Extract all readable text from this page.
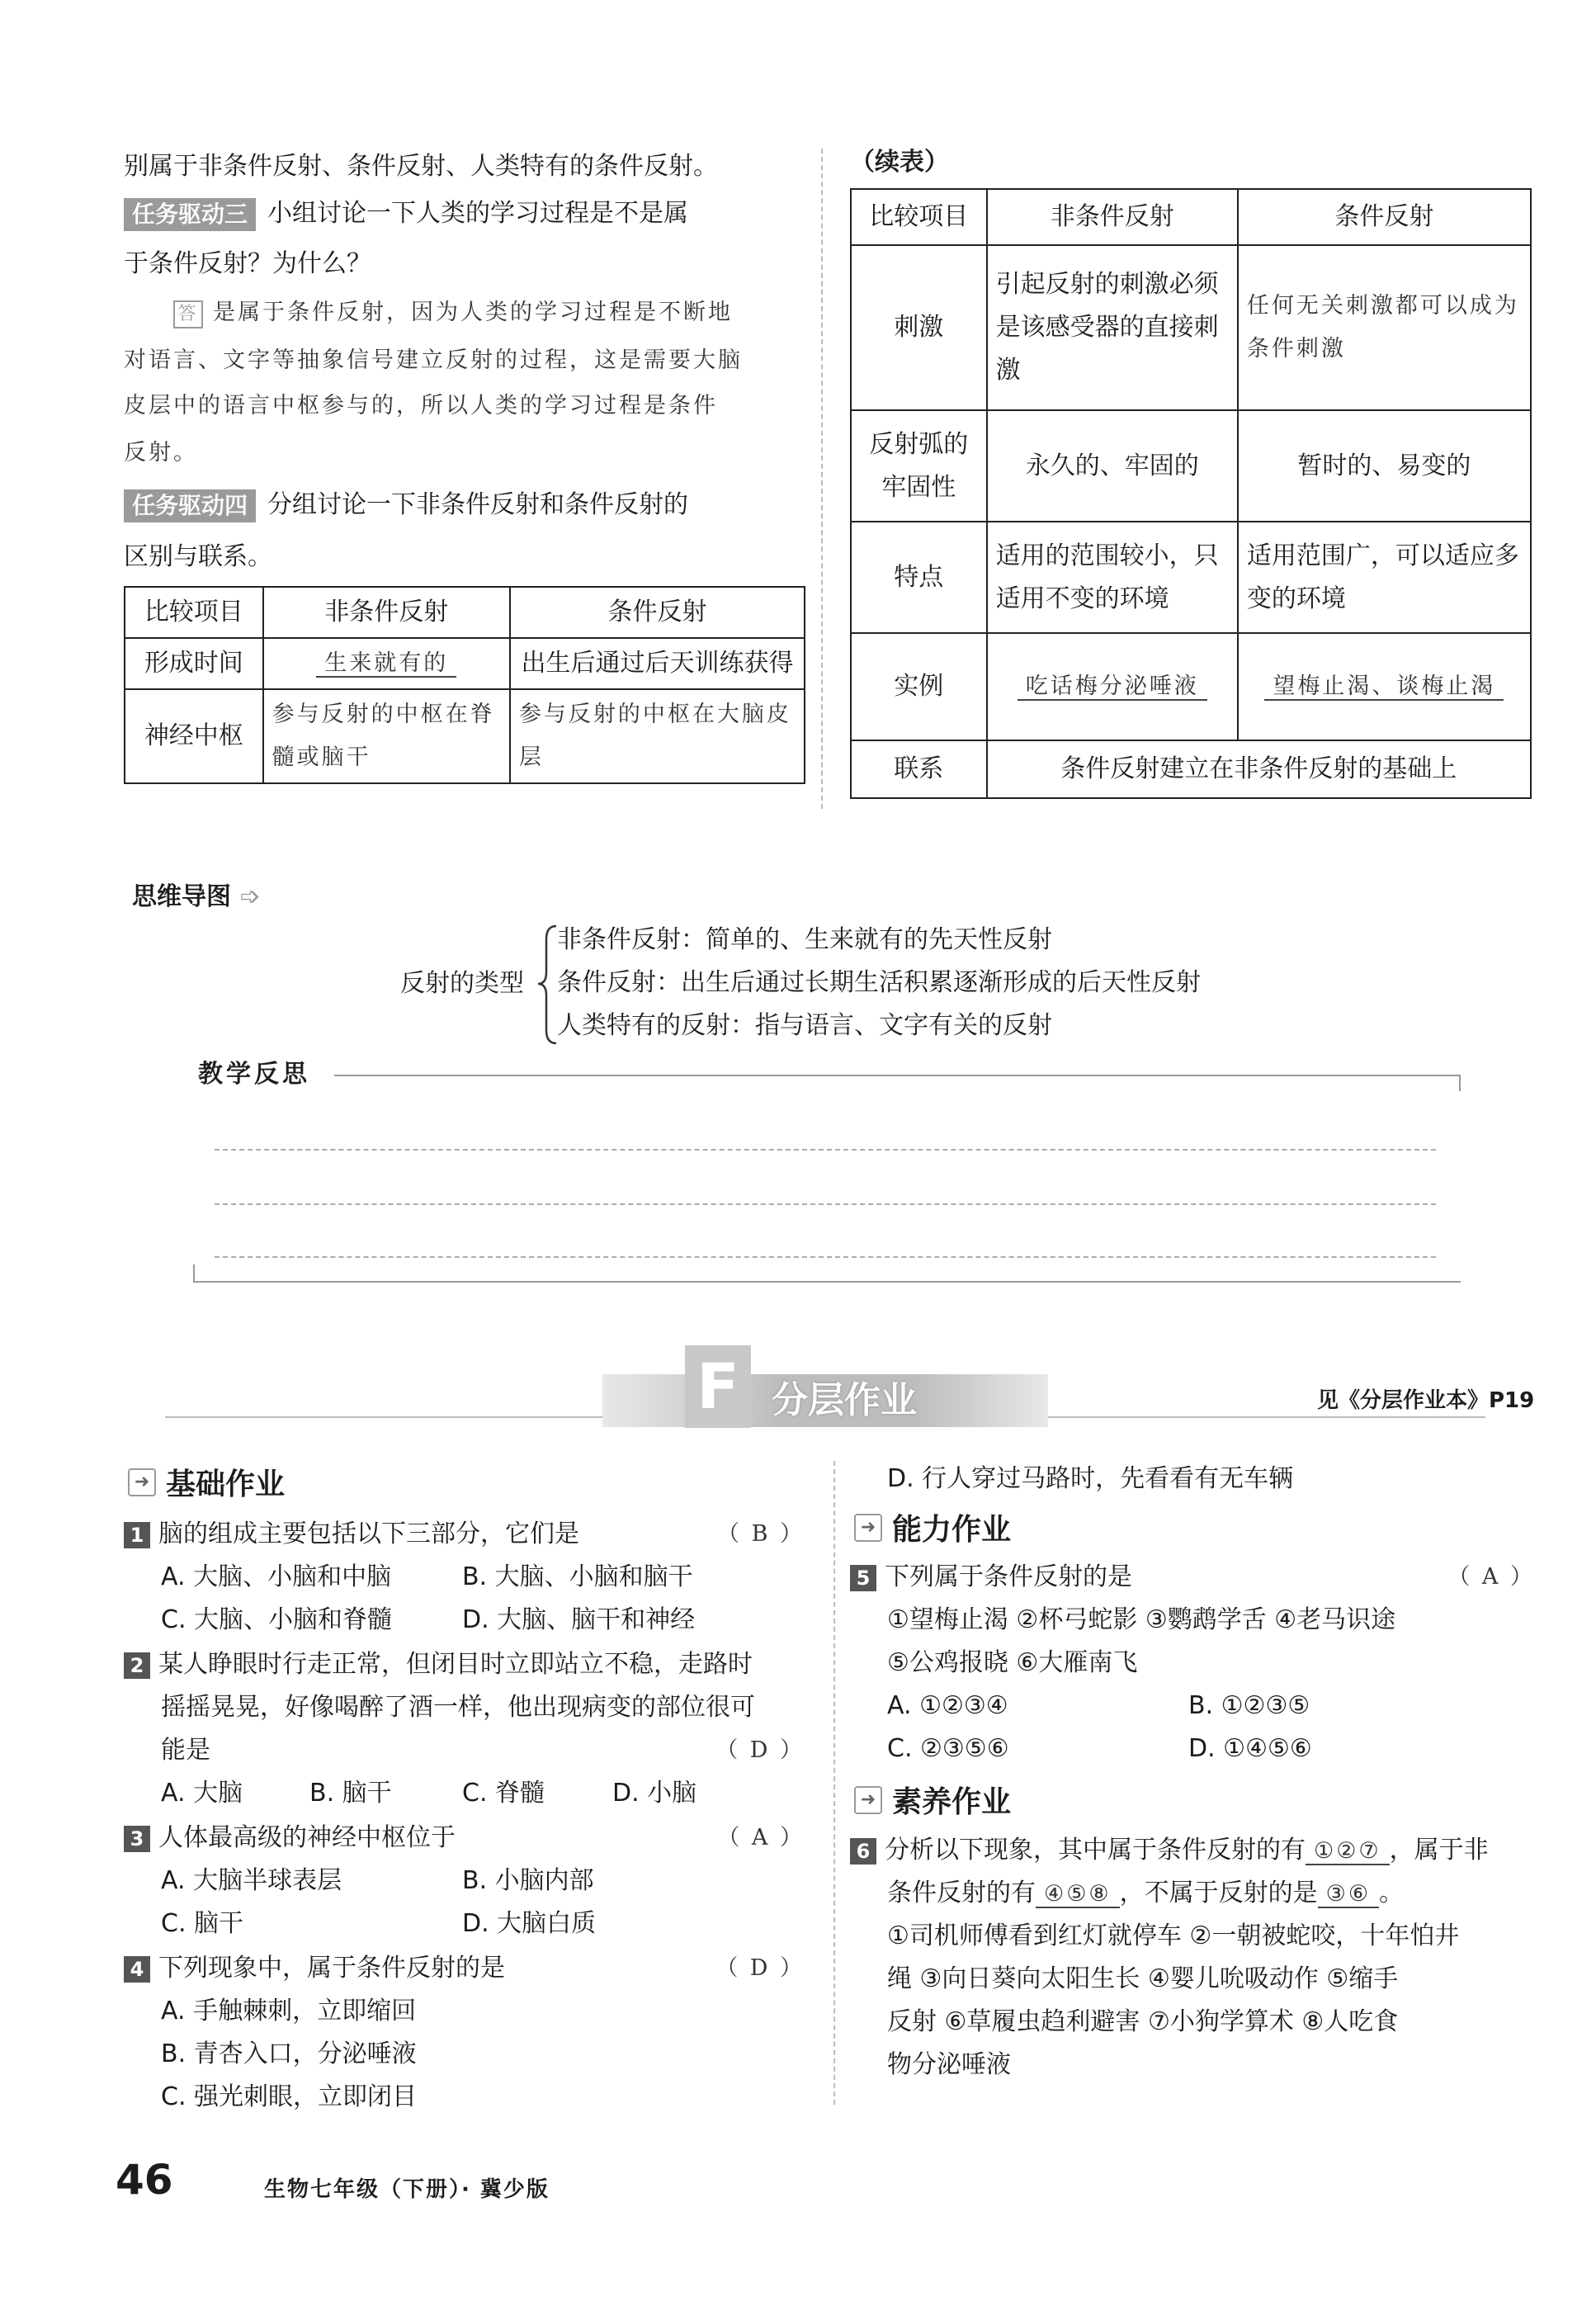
别属于非条件反射、条件反射、人类特有的条件反射。
任务驱动三 小组讨论一下人类的学习过程是不是属
于条件反射？为什么？
答 是属于条件反射，因为人类的学习过程是不断地
对语言、文字等抽象信号建立反射的过程，这是需要大脑
皮层中的语言中枢参与的，所以人类的学习过程是条件
反射。
任务驱动四 分组讨论一下非条件反射和条件反射的
区别与联系。
比较项目	非条件反射	条件反射
形成时间	生来就有的	出生后通过后天训练获得
神经中枢	参与反射的中枢在脊髓或脑干	参与反射的中枢在大脑皮层
（续表）
比较项目	非条件反射	条件反射
刺激	引起反射的刺激必须是该感受器的直接刺激	任何无关刺激都可以成为条件刺激
反射弧的牢固性	永久的、牢固的	暂时的、易变的
特点	适用的范围较小，只适用不变的环境	适用范围广，可以适应多变的环境
实例	吃话梅分泌唾液	望梅止渴、谈梅止渴
联系	条件反射建立在非条件反射的基础上	
思维导图 ➩
反射的类型
非条件反射：简单的、生来就有的先天性反射
条件反射：出生后通过长期生活积累逐渐形成的后天性反射
人类特有的反射：指与语言、文字有关的反射
教学反思
F 分层作业	见《分层作业本》P19
➜ 基础作业
1 脑的组成主要包括以下三部分，它们是	（ B ）
A. 大脑、小脑和中脑	B. 大脑、小脑和脑干
C. 大脑、小脑和脊髓	D. 大脑、脑干和神经
2 某人睁眼时行走正常，但闭目时立即站立不稳，走路时
摇摇晃晃，好像喝醉了酒一样，他出现病变的部位很可
能是	（ D ）
A. 大脑	B. 脑干	C. 脊髓	D. 小脑
3 人体最高级的神经中枢位于	（ A ）
A. 大脑半球表层	B. 小脑内部
C. 脑干	D. 大脑白质
4 下列现象中，属于条件反射的是	（ D ）
A. 手触棘刺，立即缩回
B. 青杏入口，分泌唾液
C. 强光刺眼，立即闭目
D. 行人穿过马路时，先看看有无车辆
➜ 能力作业
5 下列属于条件反射的是	（ A ）
①望梅止渴 ②杯弓蛇影 ③鹦鹉学舌 ④老马识途
⑤公鸡报晓 ⑥大雁南飞
A. ①②③④	B. ①②③⑤
C. ②③⑤⑥	D. ①④⑤⑥
➜ 素养作业
6 分析以下现象，其中属于条件反射的有 ①②⑦ ，属于非
条件反射的有 ④⑤⑧ ，不属于反射的是 ③⑥ 。
①司机师傅看到红灯就停车 ②一朝被蛇咬，十年怕井
绳 ③向日葵向太阳生长 ④婴儿吮吸动作 ⑤缩手
反射 ⑥草履虫趋利避害 ⑦小狗学算术 ⑧人吃食
物分泌唾液
46	生物七年级（下册）· 冀少版
